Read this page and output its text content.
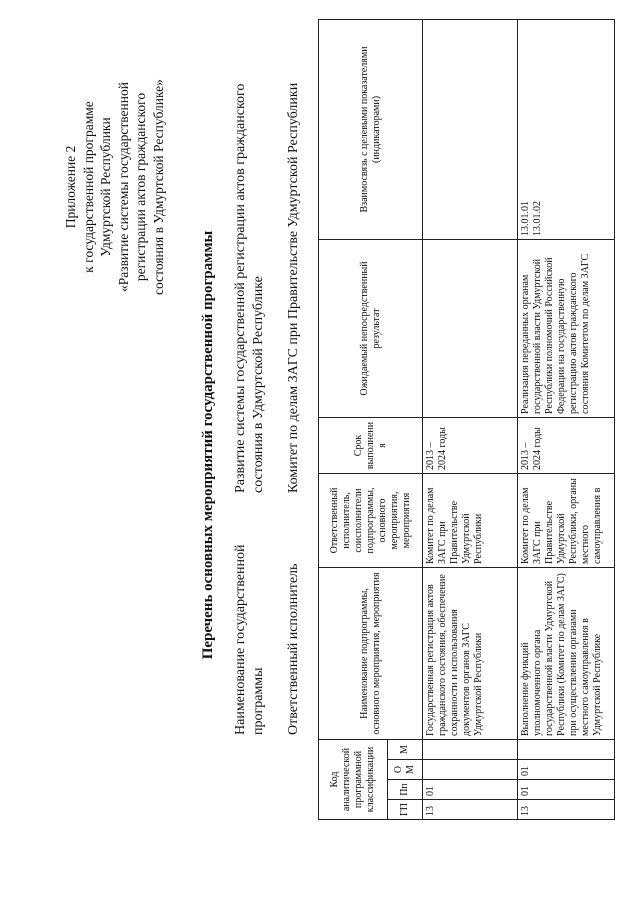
Приложение 2 к государственной программе Удмуртской Республики «Развитие системы государственной регистрации актов гражданского состояния в Удмуртской Республике»
Перечень основных мероприятий государственной программы Наименование государственной программы
Развитие системы государственной регистрации актов гражданского состояния в Удмуртской Республике
Ответственный исполнитель
Комитет по делам ЗАГС при Правительстве Удмуртской Республики
Код аналитической программной классификации				Наименование подпрограммы, основного мероприятия, мероприятия	Ответственный исполнитель, соисполнители подпрограммы, основного мероприятия, мероприятия	Срок выполнения	Ожидаемый непосредственный результат	Взаимосвязь с целевыми показателями (индикаторами)
ГП	Пп	ОМ	М					
13	01			Государственная регистрация актов гражданского состояния, обеспечение сохранности и использования документов органов ЗАГС Удмуртской Республики	Комитет по делам ЗАГС при Правительстве Удмуртской Республики	2013 – 2024 годы		
13	01	01		Выполнение функций уполномоченного органа государственной власти Удмуртской Республики (Комитет по делам ЗАГС) при осуществлении органами местного самоуправления в Удмуртской Республике	Комитет по делам ЗАГС при Правительстве Удмуртской Республики, органы местного самоуправления в	2013 – 2024 годы	Реализация переданных органам государственной власти Удмуртской Республики полномочий Российской Федерации на государственную регистрацию актов гражданского состояния Комитетом по делам ЗАГС	13.01.01 13.01.02
